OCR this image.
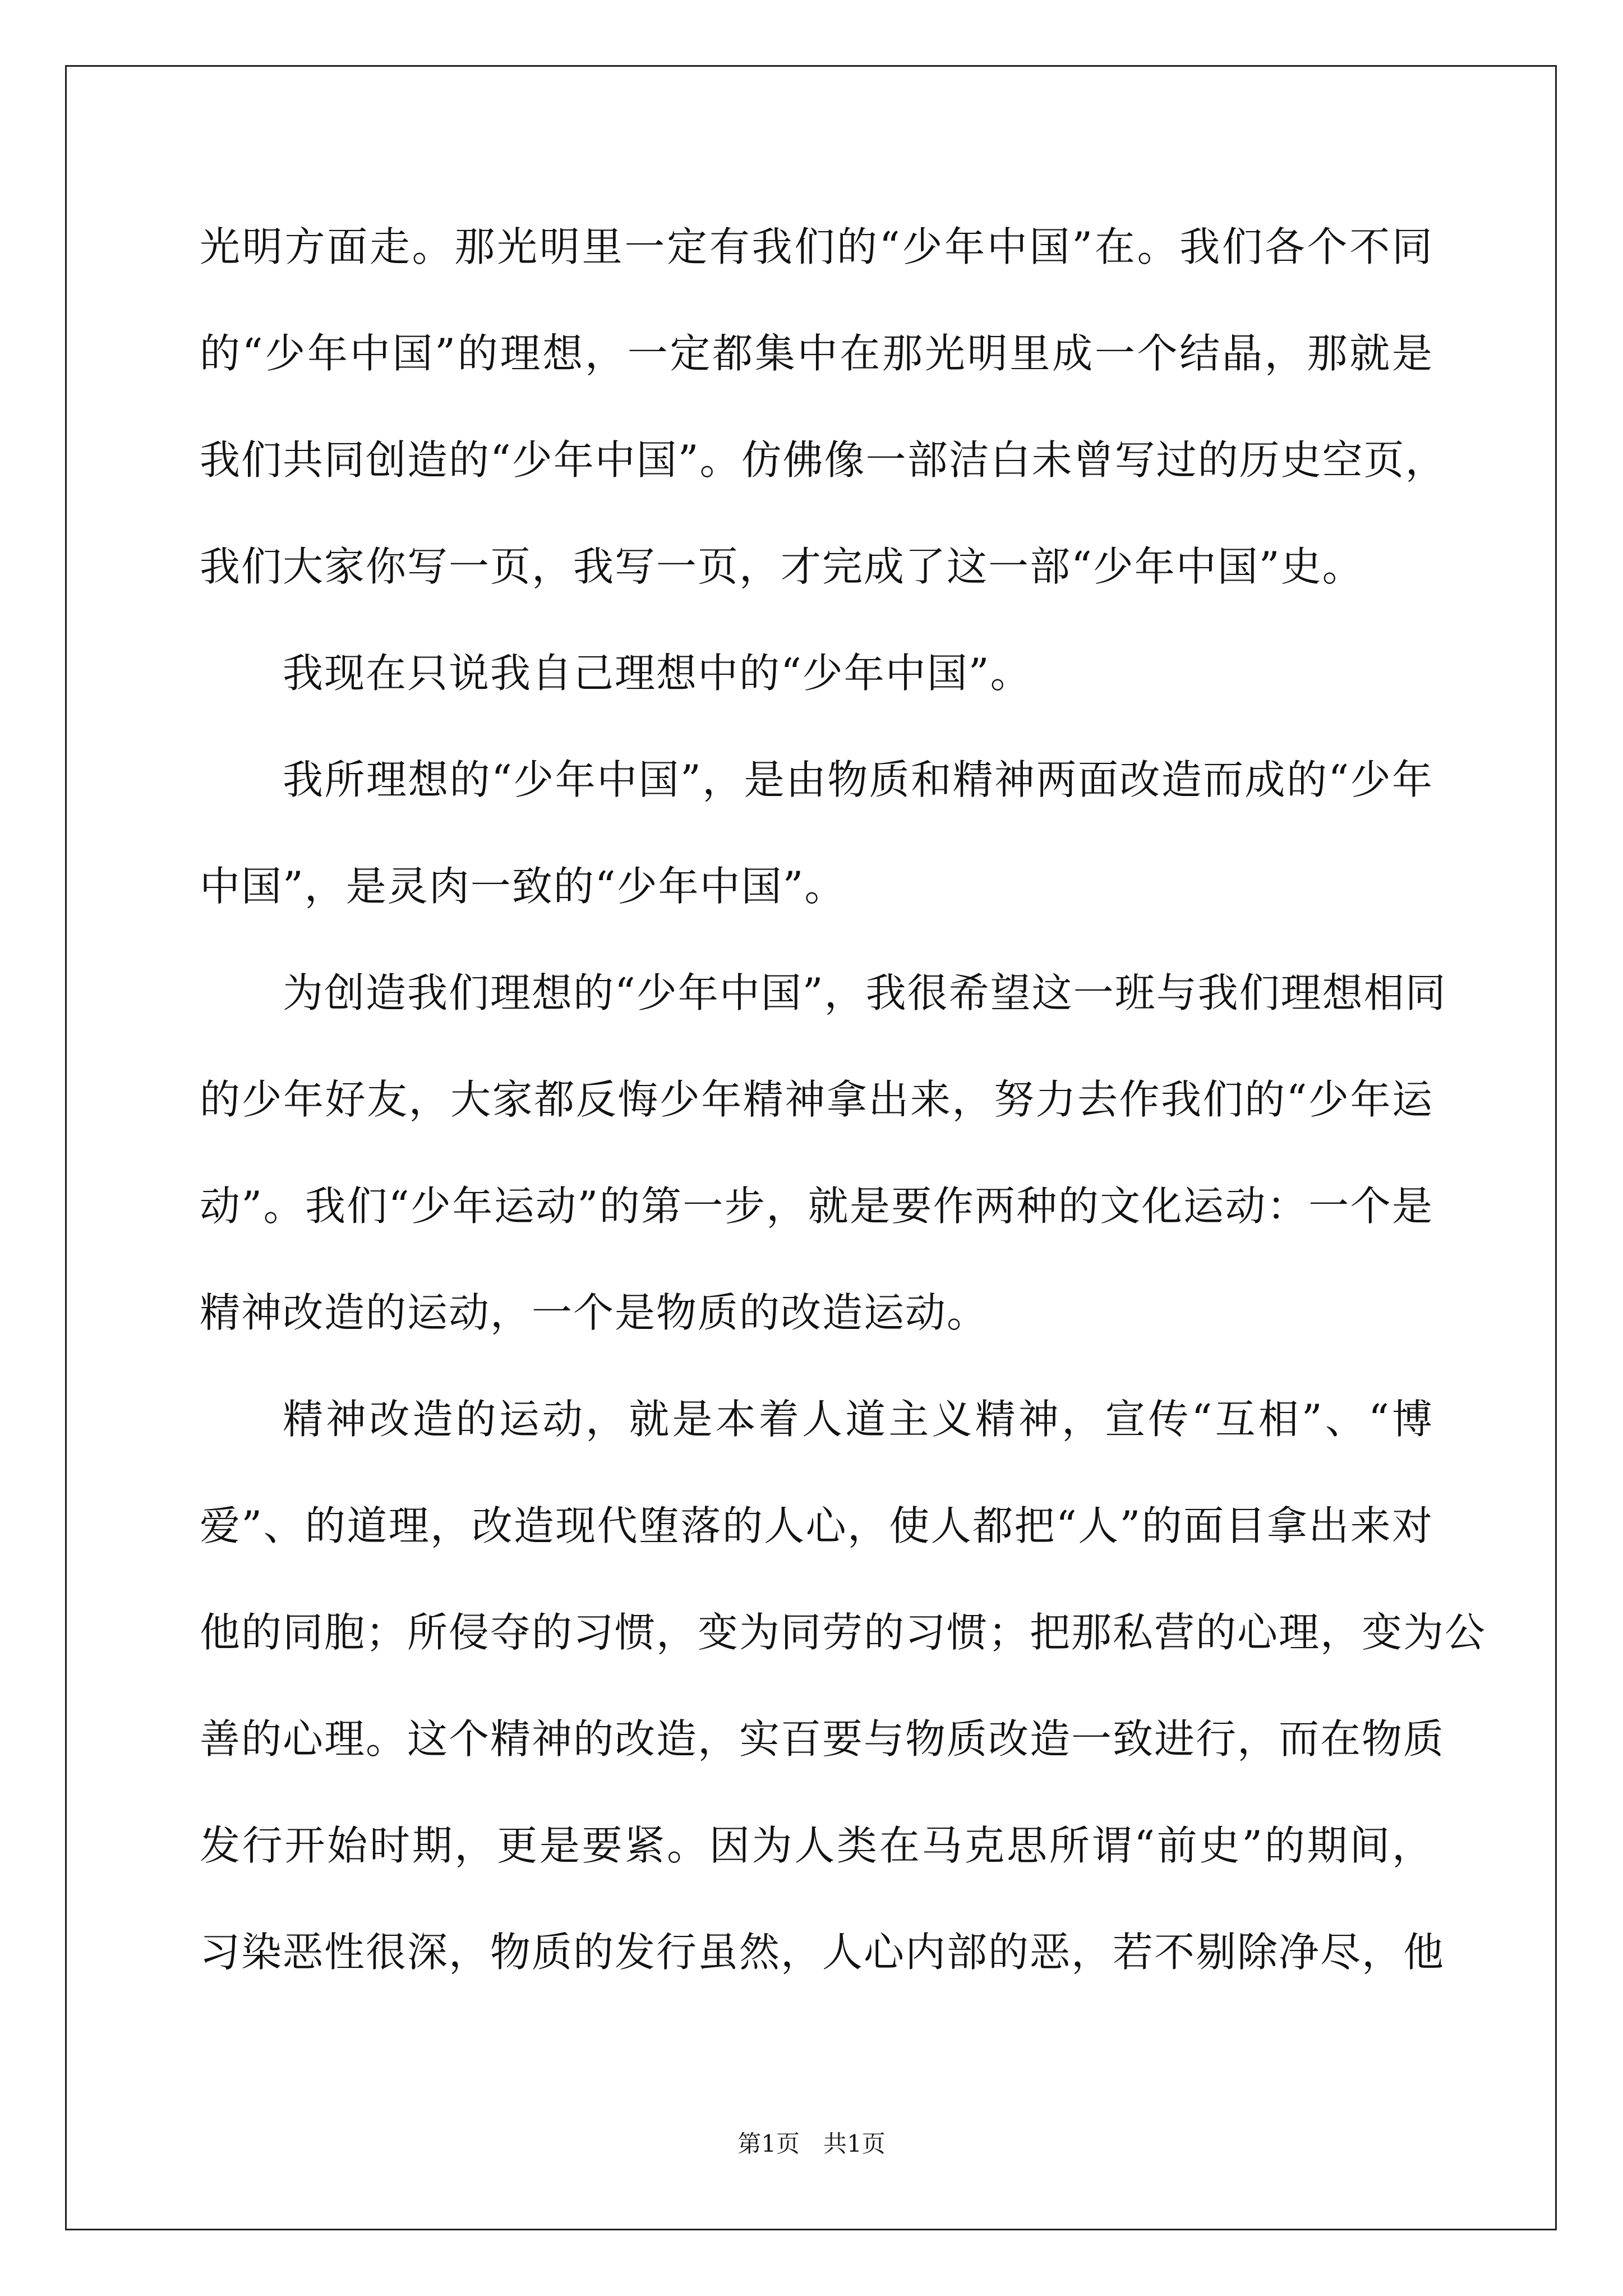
光明方面走。那光明里一定有我们的“少年中国”在。我们各个不同
的“少年中国”的理想，一定都集中在那光明里成一个结晶，那就是
我们共同创造的“少年中国”。仿佛像一部洁白未曾写过的历史空页，
我们大家你写一页，我写一页，才完成了这一部“少年中国”史。
我现在只说我自己理想中的“少年中国”。
我所理想的“少年中国”，是由物质和精神两面改造而成的“少年
中国”，是灵肉一致的“少年中国”。
为创造我们理想的“少年中国”，我很希望这一班与我们理想相同
的少年好友，大家都反悔少年精神拿出来，努力去作我们的“少年运
动”。我们“少年运动”的第一步，就是要作两种的文化运动：一个是
精神改造的运动，一个是物质的改造运动。
精神改造的运动，就是本着人道主义精神，宣传“互相”、“博
爱”、的道理，改造现代堕落的人心，使人都把“人”的面目拿出来对
他的同胞；所侵夺的习惯，变为同劳的习惯；把那私营的心理，变为公
善的心理。这个精神的改造，实百要与物质改造一致进行，而在物质
发行开始时期，更是要紧。因为人类在马克思所谓“前史”的期间，
习染恶性很深，物质的发行虽然，人心内部的恶，若不剔除净尽，他
第1页　共1页
